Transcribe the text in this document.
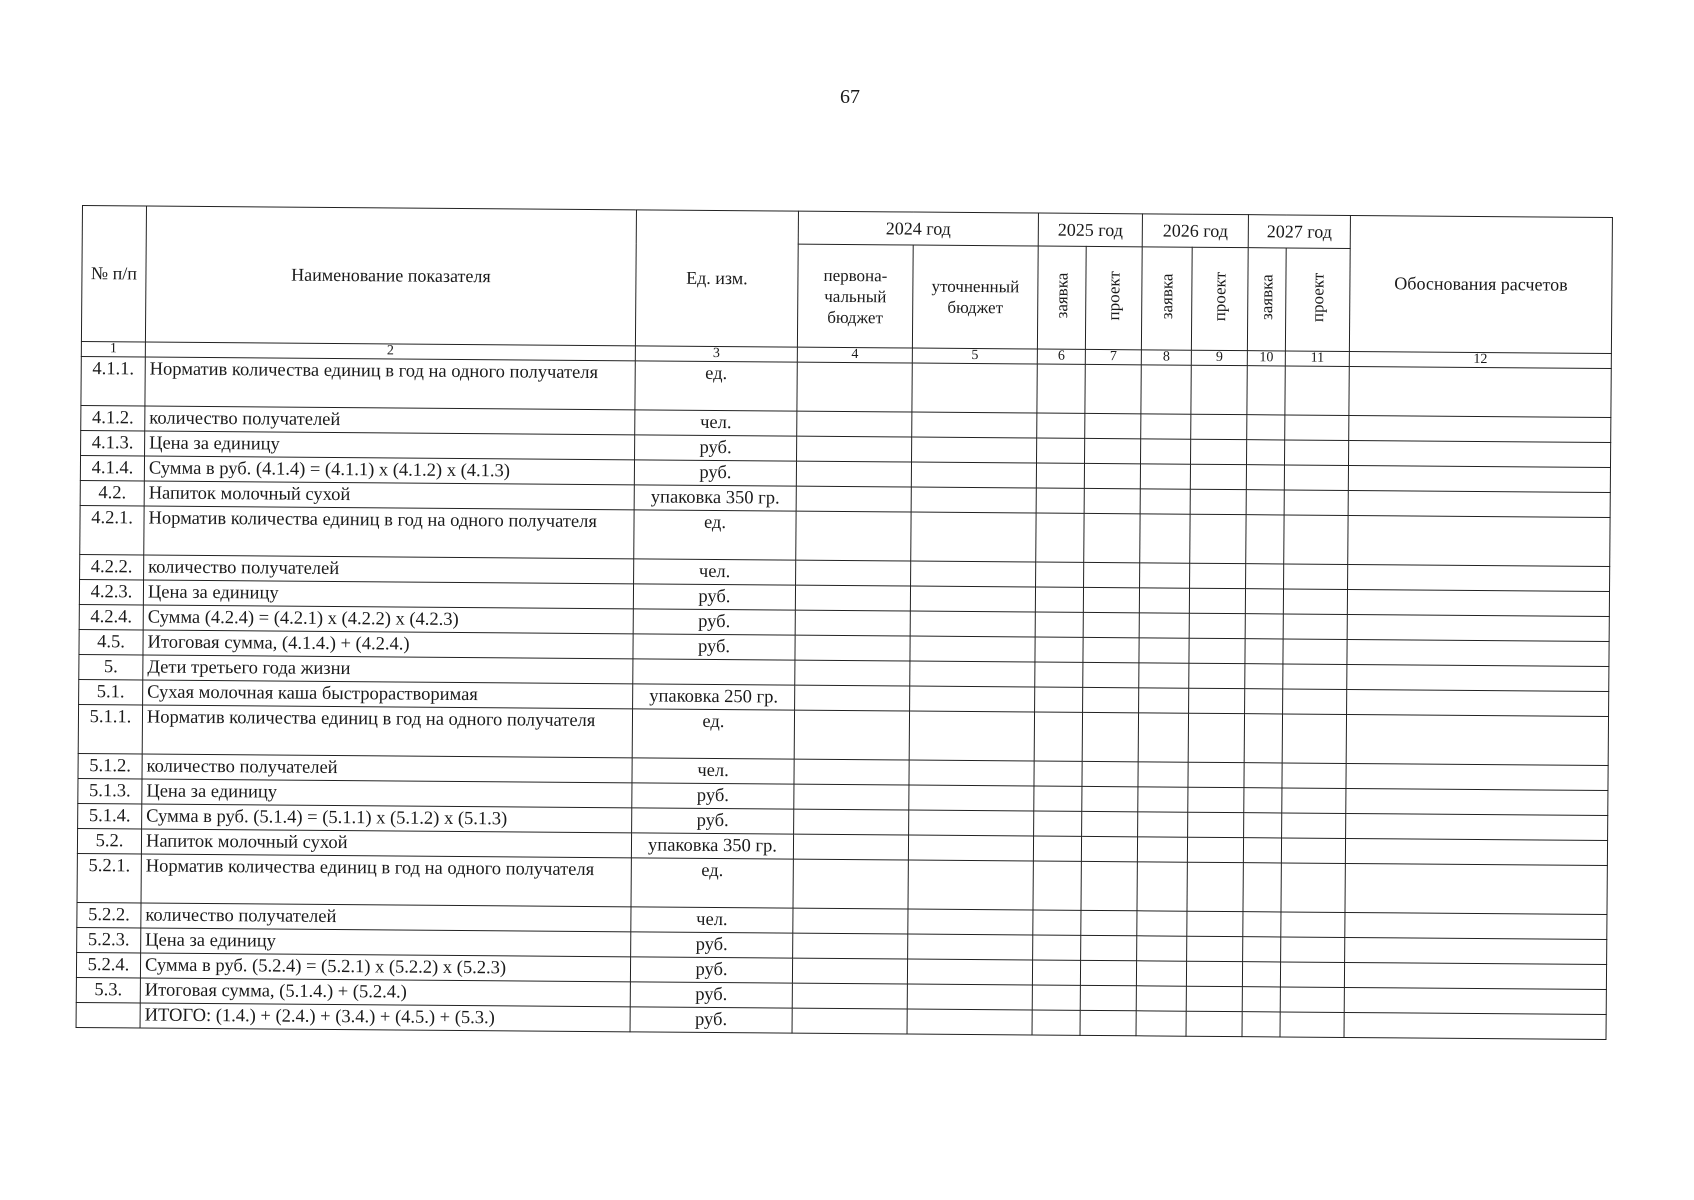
67
№ п/п	Наименование показателя	Ед. изм.	2024 год		2025 год		2026 год		2027 год		Обоснования расчетов
			первона-чальный бюджет	уточненный бюджет	заявка	проект	заявка	проект	заявка	проект	
1	2	3	4	5	6	7	8	9	10	11	12
4.1.1.	Норматив количества единиц в год на одного получателя	ед.									
4.1.2.	количество получателей	чел.									
4.1.3.	Цена за единицу	руб.									
4.1.4.	Сумма в руб. (4.1.4) = (4.1.1) х (4.1.2) х (4.1.3)	руб.									
4.2.	Напиток молочный сухой	упаковка 350 гр.									
4.2.1.	Норматив количества единиц в год на одного получателя	ед.									
4.2.2.	количество получателей	чел.									
4.2.3.	Цена за единицу	руб.									
4.2.4.	Сумма (4.2.4) = (4.2.1) х (4.2.2) х (4.2.3)	руб.									
4.5.	Итоговая сумма, (4.1.4.) + (4.2.4.)	руб.									
5.	Дети третьего года жизни										
5.1.	Сухая молочная каша быстрорастворимая	упаковка 250 гр.									
5.1.1.	Норматив количества единиц в год на одного получателя	ед.									
5.1.2.	количество получателей	чел.									
5.1.3.	Цена за единицу	руб.									
5.1.4.	Сумма в руб. (5.1.4) = (5.1.1) х (5.1.2) х (5.1.3)	руб.									
5.2.	Напиток молочный сухой	упаковка 350 гр.									
5.2.1.	Норматив количества единиц в год на одного получателя	ед.									
5.2.2.	количество получателей	чел.									
5.2.3.	Цена за единицу	руб.									
5.2.4.	Сумма в руб. (5.2.4) = (5.2.1) х (5.2.2) х (5.2.3)	руб.									
5.3.	Итоговая сумма, (5.1.4.) + (5.2.4.)	руб.									
	ИТОГО: (1.4.) + (2.4.) + (3.4.) + (4.5.) + (5.3.)	руб.									
